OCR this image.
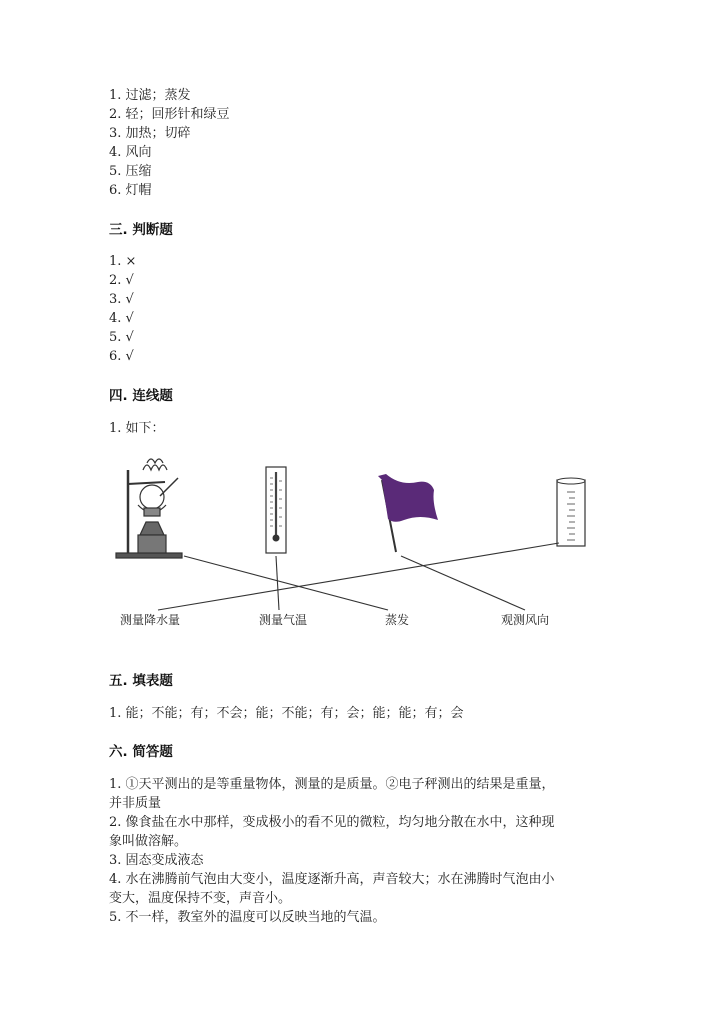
1. 过滤；蒸发
2. 轻；回形针和绿豆
3. 加热；切碎
4. 风向
5. 压缩
6. 灯帽
三. 判断题
1. ×
2. √
3. √
4. √
5. √
6. √
四. 连线题
1. 如下：
测量降水量	测量气温	蒸发	观测风向
五. 填表题
1. 能；不能；有；不会；能；不能；有；会；能；能；有；会
六. 简答题
1. ①天平测出的是等重量物体，测量的是质量。②电子秤测出的结果是重量，
并非质量
2. 像食盐在水中那样，变成极小的看不见的微粒，均匀地分散在水中，这种现
象叫做溶解。
3. 固态变成液态
4. 水在沸腾前气泡由大变小，温度逐渐升高，声音较大；水在沸腾时气泡由小
变大，温度保持不变，声音小。
5. 不一样，教室外的温度可以反映当地的气温。
